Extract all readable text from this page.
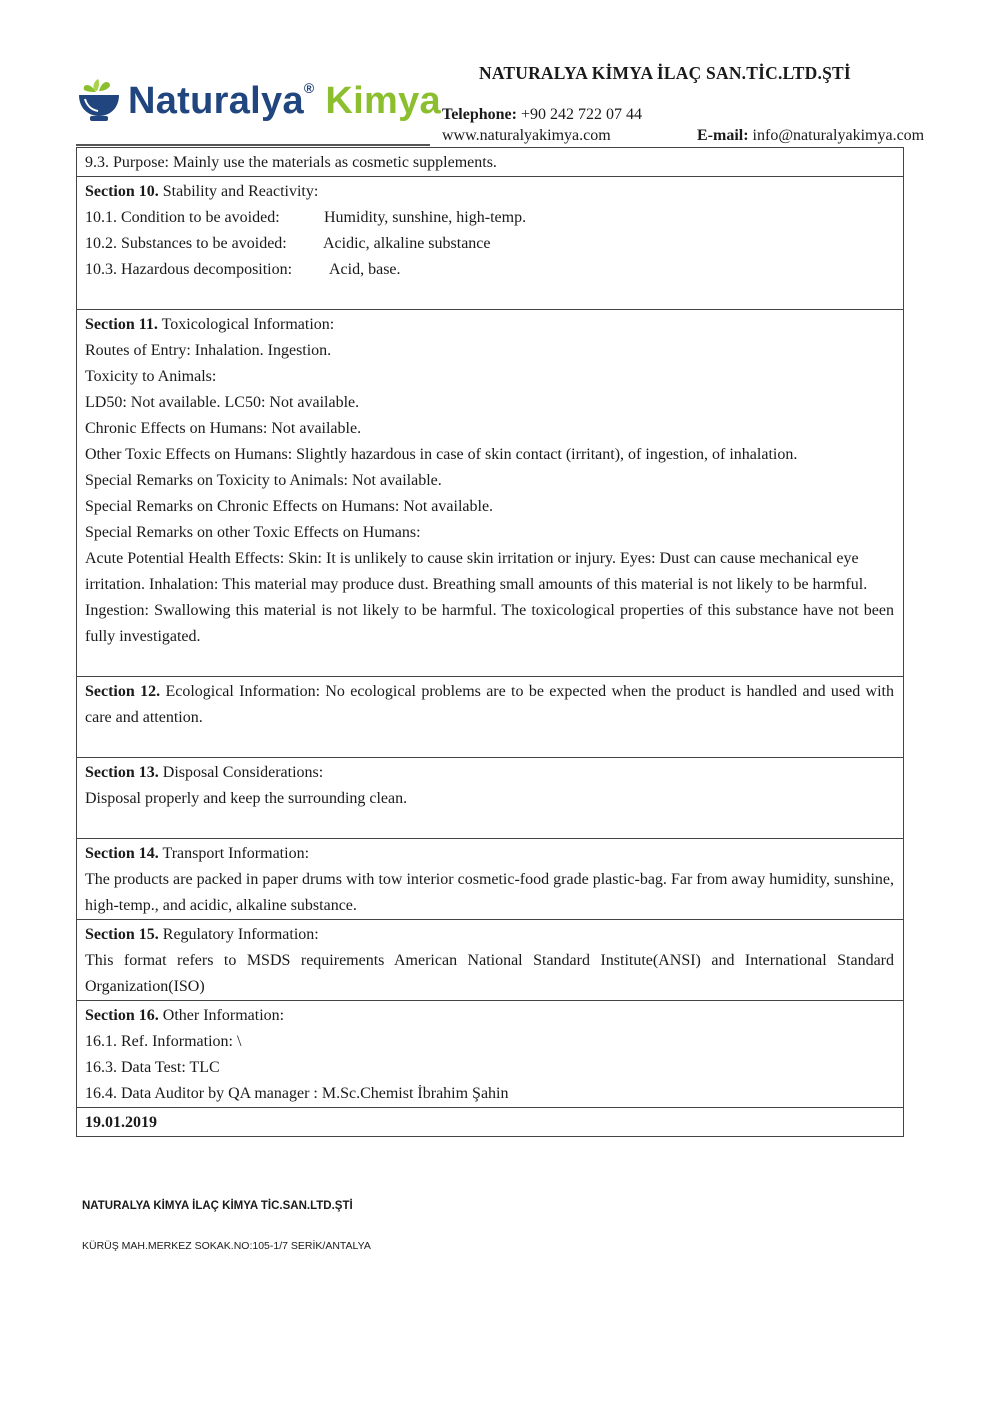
Naturalya® Kimya
NATURALYA KİMYA İLAÇ SAN.TİC.LTD.ŞTİ
Telephone: +90 242 722 07 44
www.naturalyakimya.com	E-mail: info@naturalyakimya.com
9.3. Purpose: Mainly use the materials as cosmetic supplements.
Section 10. Stability and Reactivity:
10.1. Condition to be avoided:	Humidity, sunshine, high-temp.
10.2. Substances to be avoided: Acidic, alkaline substance
10.3. Hazardous decomposition: Acid, base.
Section 11. Toxicological Information:
Routes of Entry: Inhalation. Ingestion.
Toxicity to Animals:
LD50: Not available. LC50: Not available.
Chronic Effects on Humans: Not available.
Other Toxic Effects on Humans: Slightly hazardous in case of skin contact (irritant), of ingestion, of inhalation.
Special Remarks on Toxicity to Animals: Not available.
Special Remarks on Chronic Effects on Humans: Not available.
Special Remarks on other Toxic Effects on Humans:
Acute Potential Health Effects: Skin: It is unlikely to cause skin irritation or injury. Eyes: Dust can cause mechanical eye
irritation. Inhalation: This material may produce dust. Breathing small amounts of this material is not likely to be harmful.
Ingestion: Swallowing this material is not likely to be harmful. The toxicological properties of this substance have not been fully investigated.
Section 12. Ecological Information: No ecological problems are to be expected when the product is handled and used with care and attention.
Section 13. Disposal Considerations:
Disposal properly and keep the surrounding clean.
Section 14. Transport Information:
The products are packed in paper drums with tow interior cosmetic-food grade plastic-bag. Far from away humidity, sunshine, high-temp., and acidic, alkaline substance.
Section 15. Regulatory Information:
This format refers to MSDS requirements American National Standard Institute(ANSI) and International Standard Organization(ISO)
Section 16. Other Information:
16.1. Ref. Information: \
16.3. Data Test: TLC
16.4. Data Auditor by QA manager : M.Sc.Chemist İbrahim Şahin
19.01.2019
NATURALYA KİMYA İLAÇ KİMYA TİC.SAN.LTD.ŞTİ
KÜRÜŞ MAH.MERKEZ SOKAK.NO:105-1/7 SERİK/ANTALYA
